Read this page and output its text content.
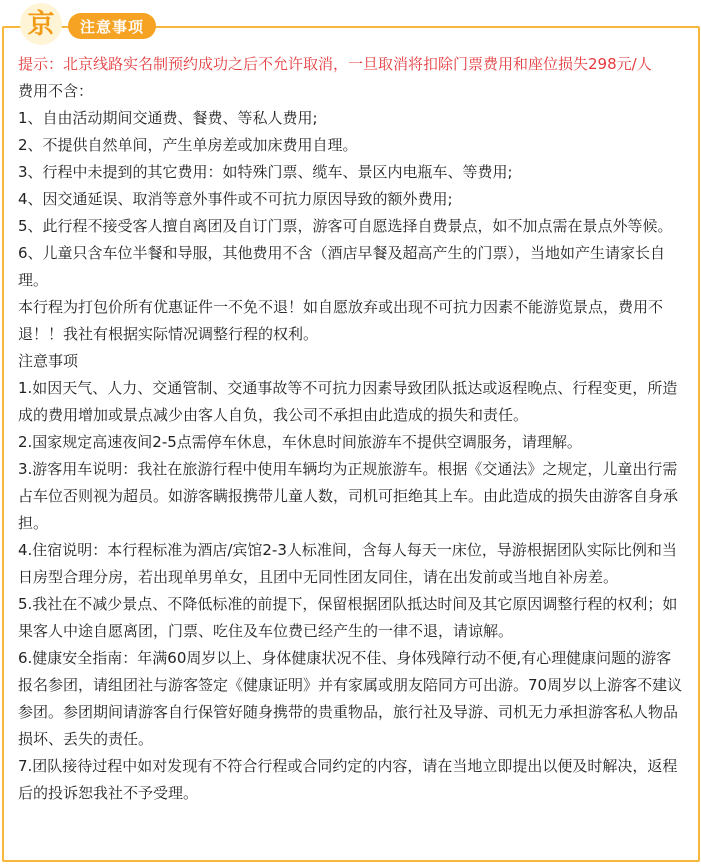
京	注意事项

提示：北京线路实名制预约成功之后不允许取消，一旦取消将扣除门票费用和座位损失298元/人

费用不含：

1、自由活动期间交通费、餐费、等私人费用;

2、不提供自然单间，产生单房差或加床费用自理。

3、行程中未提到的其它费用：如特殊门票、缆车、景区内电瓶车、等费用;

4、因交通延误、取消等意外事件或不可抗力原因导致的额外费用;

5、此行程不接受客人擅自离团及自订门票，游客可自愿选择自费景点，如不加点需在景点外等候。

6、儿童只含车位半餐和导服，其他费用不含（酒店早餐及超高产生的门票），当地如产生请家长自理。

本行程为打包价所有优惠证件一不免不退！如自愿放弃或出现不可抗力因素不能游览景点，费用不退！！我社有根据实际情况调整行程的权利。

注意事项

1.如因天气、人力、交通管制、交通事故等不可抗力因素导致团队抵达或返程晚点、行程变更，所造成的费用增加或景点减少由客人自负，我公司不承担由此造成的损失和责任。

2.国家规定高速夜间2-5点需停车休息，车休息时间旅游车不提供空调服务，请理解。

3.游客用车说明：我社在旅游行程中使用车辆均为正规旅游车。根据《交通法》之规定，儿童出行需占车位否则视为超员。如游客瞒报携带儿童人数，司机可拒绝其上车。由此造成的损失由游客自身承担。

4.住宿说明：本行程标准为酒店/宾馆2-3人标准间，含每人每天一床位，导游根据团队实际比例和当日房型合理分房，若出现单男单女，且团中无同性团友同住，请在出发前或当地自补房差。

5.我社在不减少景点、不降低标准的前提下，保留根据团队抵达时间及其它原因调整行程的权利；如果客人中途自愿离团，门票、吃住及车位费已经产生的一律不退，请谅解。

6.健康安全指南：年满60周岁以上、身体健康状况不佳、身体残障行动不便,有心理健康问题的游客报名参团，请组团社与游客签定《健康证明》并有家属或朋友陪同方可出游。70周岁以上游客不建议参团。参团期间请游客自行保管好随身携带的贵重物品，旅行社及导游、司机无力承担游客私人物品损坏、丢失的责任。

7.团队接待过程中如对发现有不符合行程或合同约定的内容，请在当地立即提出以便及时解决，返程后的投诉恕我社不予受理。
